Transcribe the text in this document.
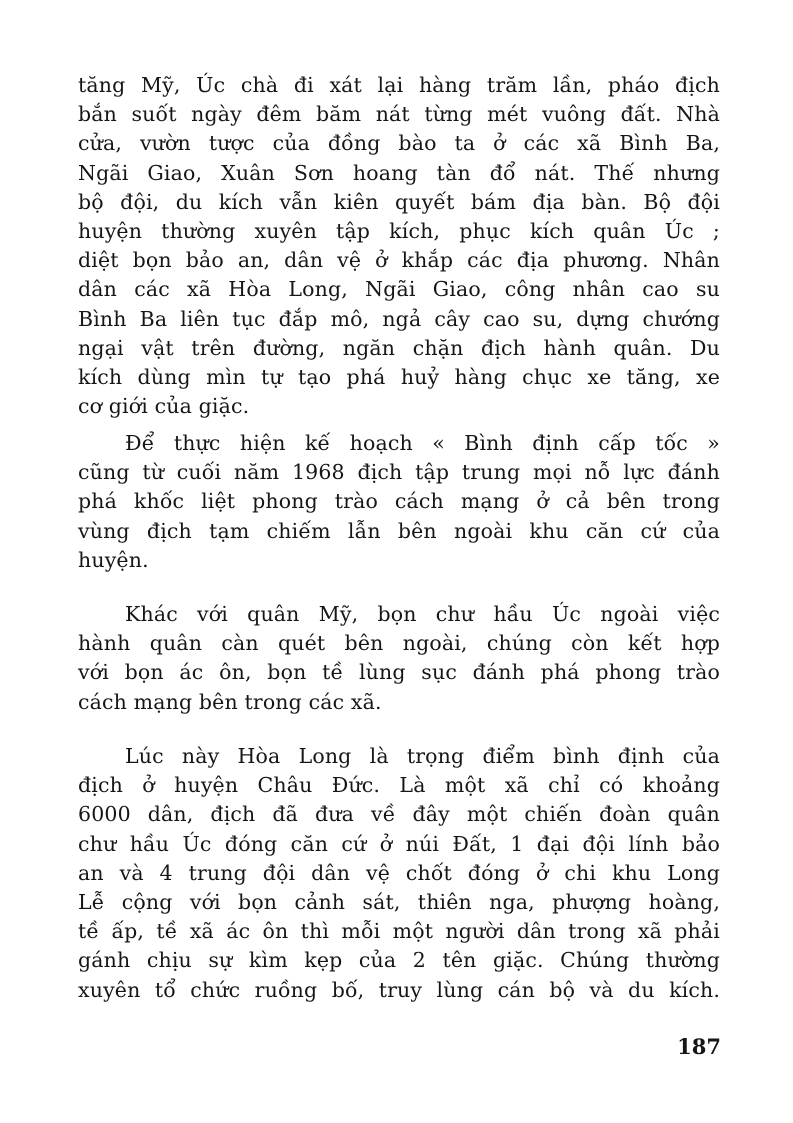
tăng Mỹ, Úc chà đi xát lại hàng trăm lần, pháo địch
bắn suốt ngày đêm băm nát từng mét vuông đất. Nhà
cửa, vườn tược của đồng bào ta ở các xã Bình Ba,
Ngãi Giao, Xuân Sơn hoang tàn đổ nát. Thế nhưng
bộ đội, du kích vẫn kiên quyết bám địa bàn. Bộ đội
huyện thường xuyên tập kích, phục kích quân Úc ;
diệt bọn bảo an, dân vệ ở khắp các địa phương. Nhân
dân các xã Hòa Long, Ngãi Giao, công nhân cao su
Bình Ba liên tục đắp mô, ngả cây cao su, dựng chướng
ngại vật trên đường, ngăn chặn địch hành quân. Du
kích dùng mìn tự tạo phá huỷ hàng chục xe tăng, xe
cơ giới của giặc.
Để thực hiện kế hoạch « Bình định cấp tốc »
cũng từ cuối năm 1968 địch tập trung mọi nỗ lực đánh
phá khốc liệt phong trào cách mạng ở cả bên trong
vùng địch tạm chiếm lẫn bên ngoài khu căn cứ của
huyện.
Khác với quân Mỹ, bọn chư hầu Úc ngoài việc
hành quân càn quét bên ngoài, chúng còn kết hợp
với bọn ác ôn, bọn tề lùng sục đánh phá phong trào
cách mạng bên trong các xã.
Lúc này Hòa Long là trọng điểm bình định của
địch ở huyện Châu Đức. Là một xã chỉ có khoảng
6000 dân, địch đã đưa về đây một chiến đoàn quân
chư hầu Úc đóng căn cứ ở núi Đất, 1 đại đội lính bảo
an và 4 trung đội dân vệ chốt đóng ở chi khu Long
Lễ cộng với bọn cảnh sát, thiên nga, phượng hoàng,
tề ấp, tề xã ác ôn thì mỗi một người dân trong xã phải
gánh chịu sự kìm kẹp của 2 tên giặc. Chúng thường
xuyên tổ chức ruồng bố, truy lùng cán bộ và du kích.
187
